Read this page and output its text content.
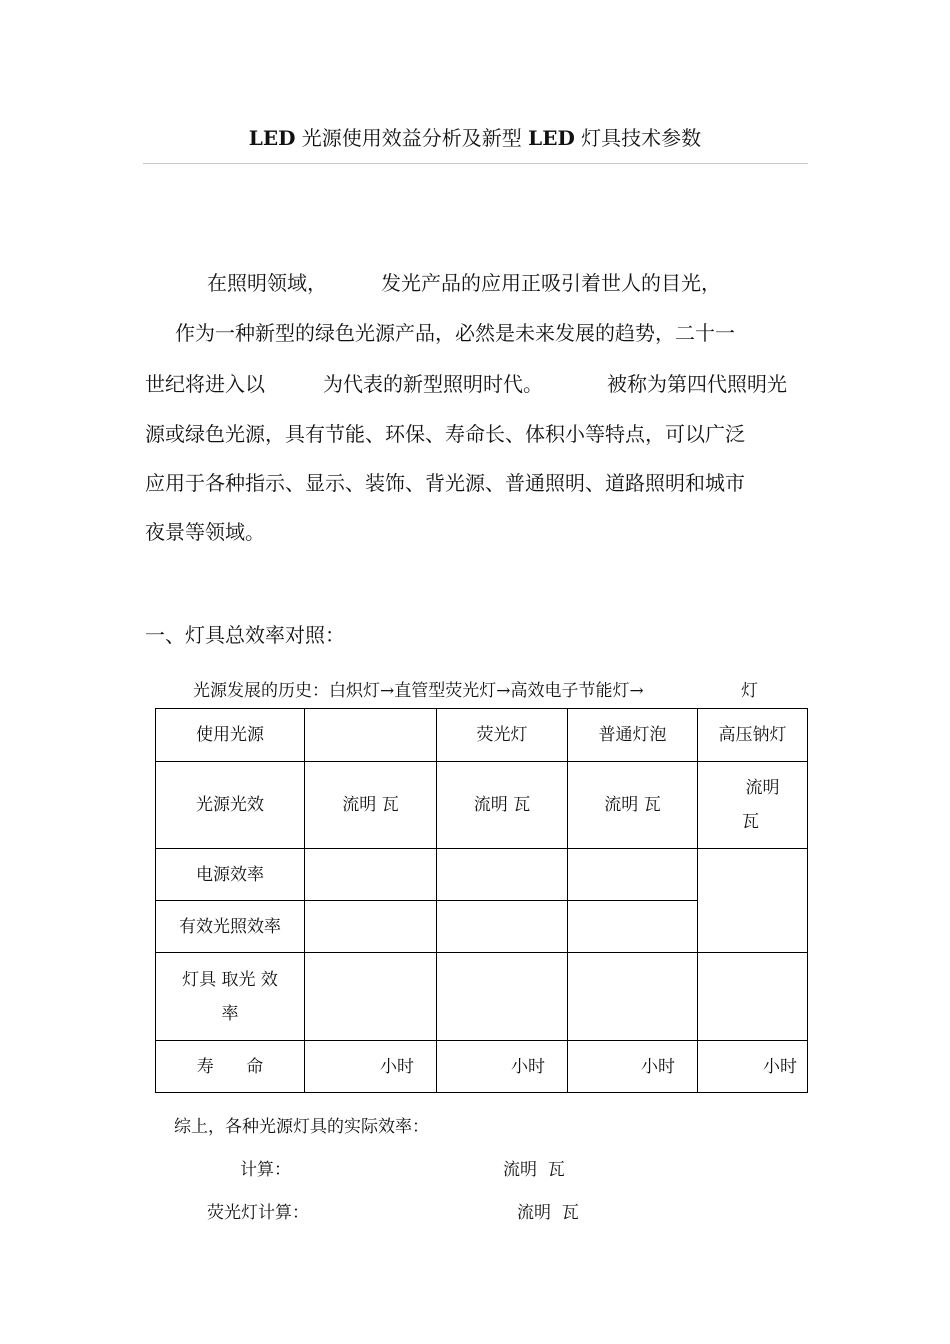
LED 光源使用效益分析及新型 LED 灯具技术参数
在照明领域，	发光产品的应用正吸引着世人的目光，
作为一种新型的绿色光源产品，必然是未来发展的趋势，二十一
世纪将进入以	为代表的新型照明时代。	被称为第四代照明光
源或绿色光源，具有节能、环保、寿命长、体积小等特点，可以广泛
应用于各种指示、显示、装饰、背光源、普通照明、道路照明和城市
夜景等领域。
一、灯具总效率对照：
光源发展的历史：白炽灯→直管型荧光灯→高效电子节能灯→	灯
使用光源		荧光灯	普通灯泡	高压钠灯
光源光效	流明 瓦	流明 瓦	流明 瓦	流明
瓦

电源效率				
有效光照效率				

灯具 取光 效
率				

寿      命	小时	小时	小时	小时
综上，各种光源灯具的实际效率：
计算：	流明  瓦
荧光灯计算：	流明  瓦
